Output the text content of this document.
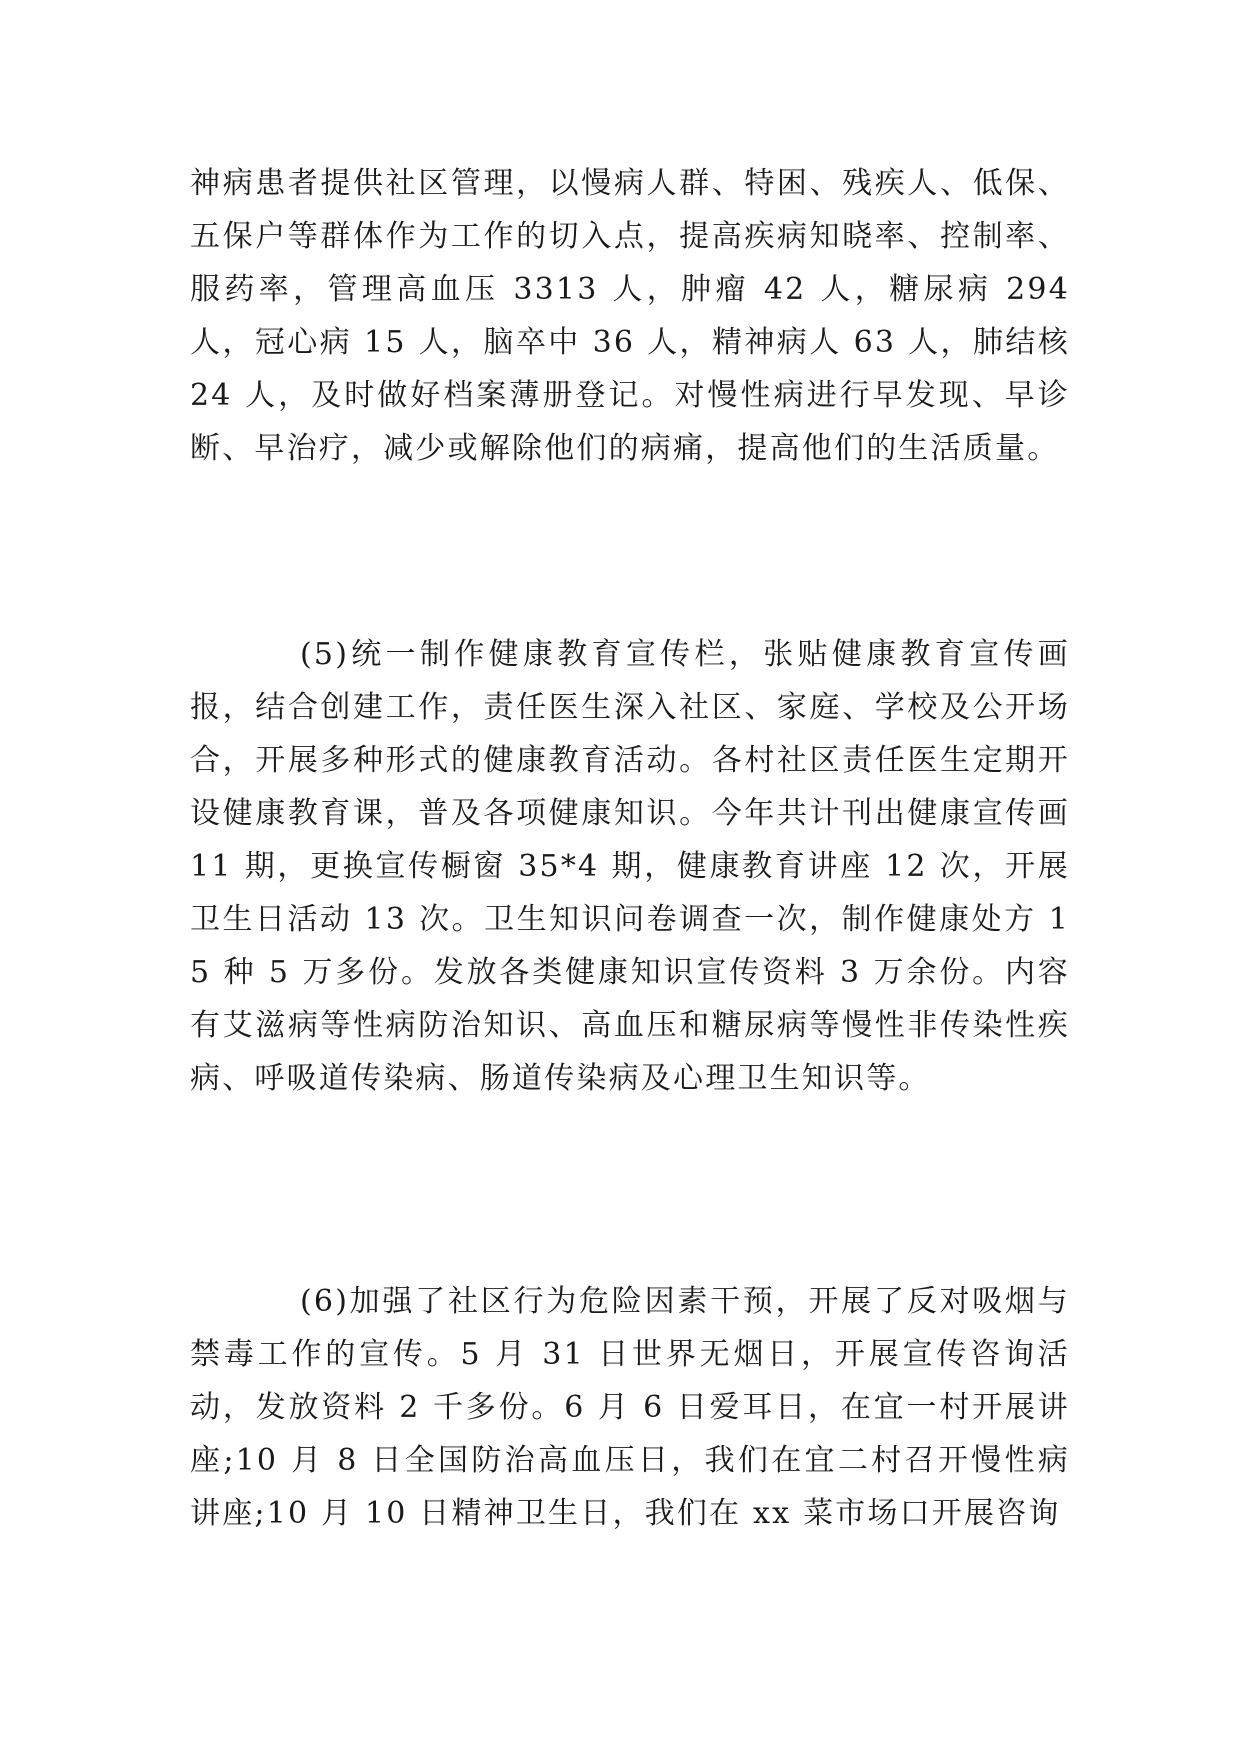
神病患者提供社区管理，以慢病人群、特困、残疾人、低保、五保户等群体作为工作的切入点，提高疾病知晓率、控制率、服药率，管理高血压 3313 人，肿瘤 42 人，糖尿病 294 人，冠心病 15 人，脑卒中 36 人，精神病人 63 人，肺结核 24 人，及时做好档案薄册登记。对慢性病进行早发现、早诊断、早治疗，减少或解除他们的病痛，提高他们的生活质量。

(5)统一制作健康教育宣传栏，张贴健康教育宣传画报，结合创建工作，责任医生深入社区、家庭、学校及公开场合，开展多种形式的健康教育活动。各村社区责任医生定期开设健康教育课，普及各项健康知识。今年共计刊出健康宣传画 11 期，更换宣传橱窗 35*4 期，健康教育讲座 12 次，开展卫生日活动 13 次。卫生知识问卷调查一次，制作健康处方 15 种 5 万多份。发放各类健康知识宣传资料 3 万余份。内容有艾滋病等性病防治知识、高血压和糖尿病等慢性非传染性疾病、呼吸道传染病、肠道传染病及心理卫生知识等。

(6)加强了社区行为危险因素干预，开展了反对吸烟与禁毒工作的宣传。5 月 31 日世界无烟日，开展宣传咨询活动，发放资料 2 千多份。6 月 6 日爱耳日，在宜一村开展讲座;10 月 8 日全国防治高血压日，我们在宜二村召开慢性病讲座;10 月 10 日精神卫生日，我们在 xx 菜市场口开展咨询
